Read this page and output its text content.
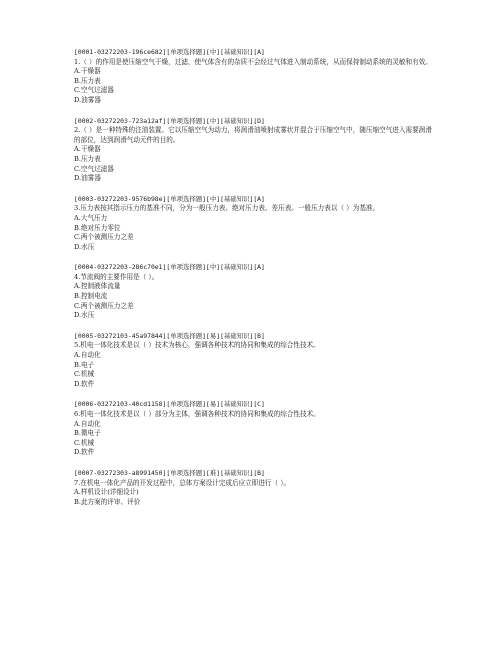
[0001-03272203-196ce682][单项选择题][中][基础知识][A]
1.（ ）的作用是使压缩空气干燥，过滤，使气体含有的杂质不会经过气体进入制动系统，从而保持制动系统的灵敏和有效。
A.干燥器
B.压力表
C.空气过滤器
D.油雾器
[0002-03272203-723a12af][单项选择题][中][基础知识][D]
2.（ ）是一种特殊的注油装置。它以压缩空气为动力，将润滑油喷射成雾状并混合于压缩空气中，随压缩空气进入需要润滑的部位，达到润滑气动元件的目的。
A.干燥器
B.压力表
C.空气过滤器
D.油雾器
[0003-03272203-9576b98e][单项选择题][中][基础知识][A]
3.压力表按其指示压力的基准不同，分为一般压力表、绝对压力表、差压表。一般压力表以（ ）为基准。
A.大气压力
B.绝对压力零位
C.两个被测压力之差
D.水压
[0004-03272203-286c70e1][单项选择题][中][基础知识][A]
4.节流阀的主要作用是（ ）。
A.控制液体流量
B.控制电流
C.两个被测压力之差
D.水压
[0005-03272103-45a97844][单项选择题][易][基础知识][B]
5.机电一体化技术是以（ ）技术为核心，强调各种技术的协同和集成的综合性技术。
A.自动化
B.电子
C.机械
D.软件
[0006-03272103-40cd1158][单项选择题][易][基础知识][C]
6.机电一体化技术是以（ ）部分为主体，强调各种技术的协同和集成的综合性技术。
A.自动化
B.微电子
C.机械
D.软件
[0007-03272303-a8991450][单项选择题][难][基础知识][B]
7.在机电一体化产品的开发过程中，总体方案设计完成后应立即进行（ ）。
A.样机设计(详细设计)
B.此方案的评审、评价
